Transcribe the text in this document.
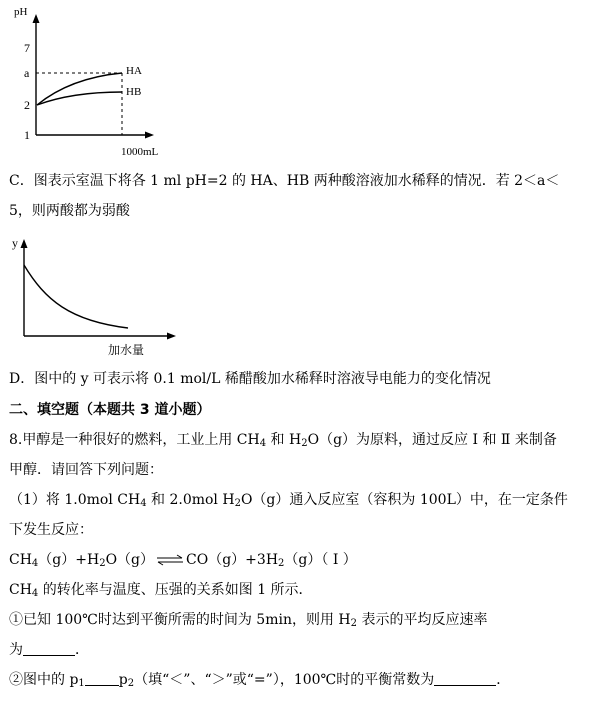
pH
7
a
2
1
HA
HB
1000mL
C．图表示室温下将各 1 ml pH=2 的 HA、HB 两种酸溶液加水稀释的情况．若 2＜a＜
5，则两酸都为弱酸
y
加水量
D．图中的 y 可表示将 0.1 mol/L 稀醋酸加水稀释时溶液导电能力的变化情况
二、填空题（本题共 3 道小题）
8.甲醇是一种很好的燃料，工业上用 $CH_4$ 和 $H_2O(g)$为原料，通过反应 Ⅰ 和 Ⅱ 来制备
甲醇．请回答下列问题：
（1）将 1.0mol $CH_4$ 和 2.0mol $H_2O(g)$通入反应室（容积为 100L）中，在一定条件
下发生反应：
$CH_4(g)+H_2O(g)$ ⇌ $CO(g)+3H_2(g)$（ Ⅰ ）
$CH_4$ 的转化率与温度、压强的关系如图 1 所示．
①已知 100℃时达到平衡所需的时间为 5min，则用 $H_2$ 表示的平均反应速率
为	．
②图中的 $p_1$ $p_2$（填“＜”、“＞”或“=”），100℃时的平衡常数为	．
